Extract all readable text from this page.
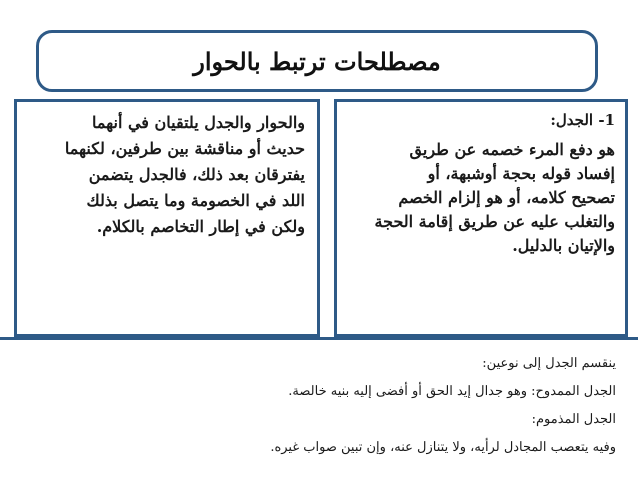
مصطلحات ترتبط بالحوار

1- الجدل:

هو دفع المرء خصمه عن طريق

إفساد قوله بحجة أوشبهة، أو

تصحيح كلامه، أو هو إلزام الخصم

والتغلب عليه عن طريق إقامة الحجة

والإتيان بالدليل.

والحوار والجدل يلتقيان في أنهما

حديث أو مناقشة بين طرفين، لكنهما

يفترقان بعد ذلك، فالجدل يتضمن

اللد في الخصومة وما يتصل بذلك

ولكن في إطار التخاصم بالكلام.

ينقسم الجدل إلى نوعين:

الجدل الممدوح: وهو جدال إيد الحق أو أفضى إليه بنيه خالصة.

الجدل المذموم:

وفيه يتعصب المجادل لرأيه، ولا يتنازل عنه، وإن تبين صواب غيره.
